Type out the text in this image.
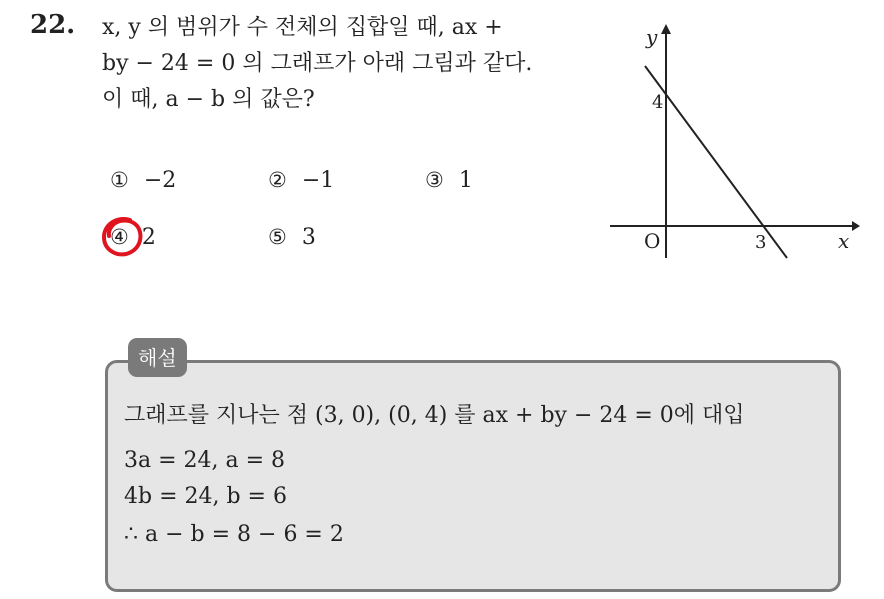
22. x, y 의 범위가 수 전체의 집합일 때, ax +
by − 24 = 0 의 그래프가 아래 그림과 같다.
이 때, a − b 의 값은?
① −2	② −1	③ 1
④ 2	⑤ 3	x
y
O	3
4
해설
그래프를 지나는 점 (3, 0), (0, 4) 를 ax + by − 24 = 0에 대입
3a = 24, a = 8
4b = 24, b = 6
∴ a − b = 8 − 6 = 2
